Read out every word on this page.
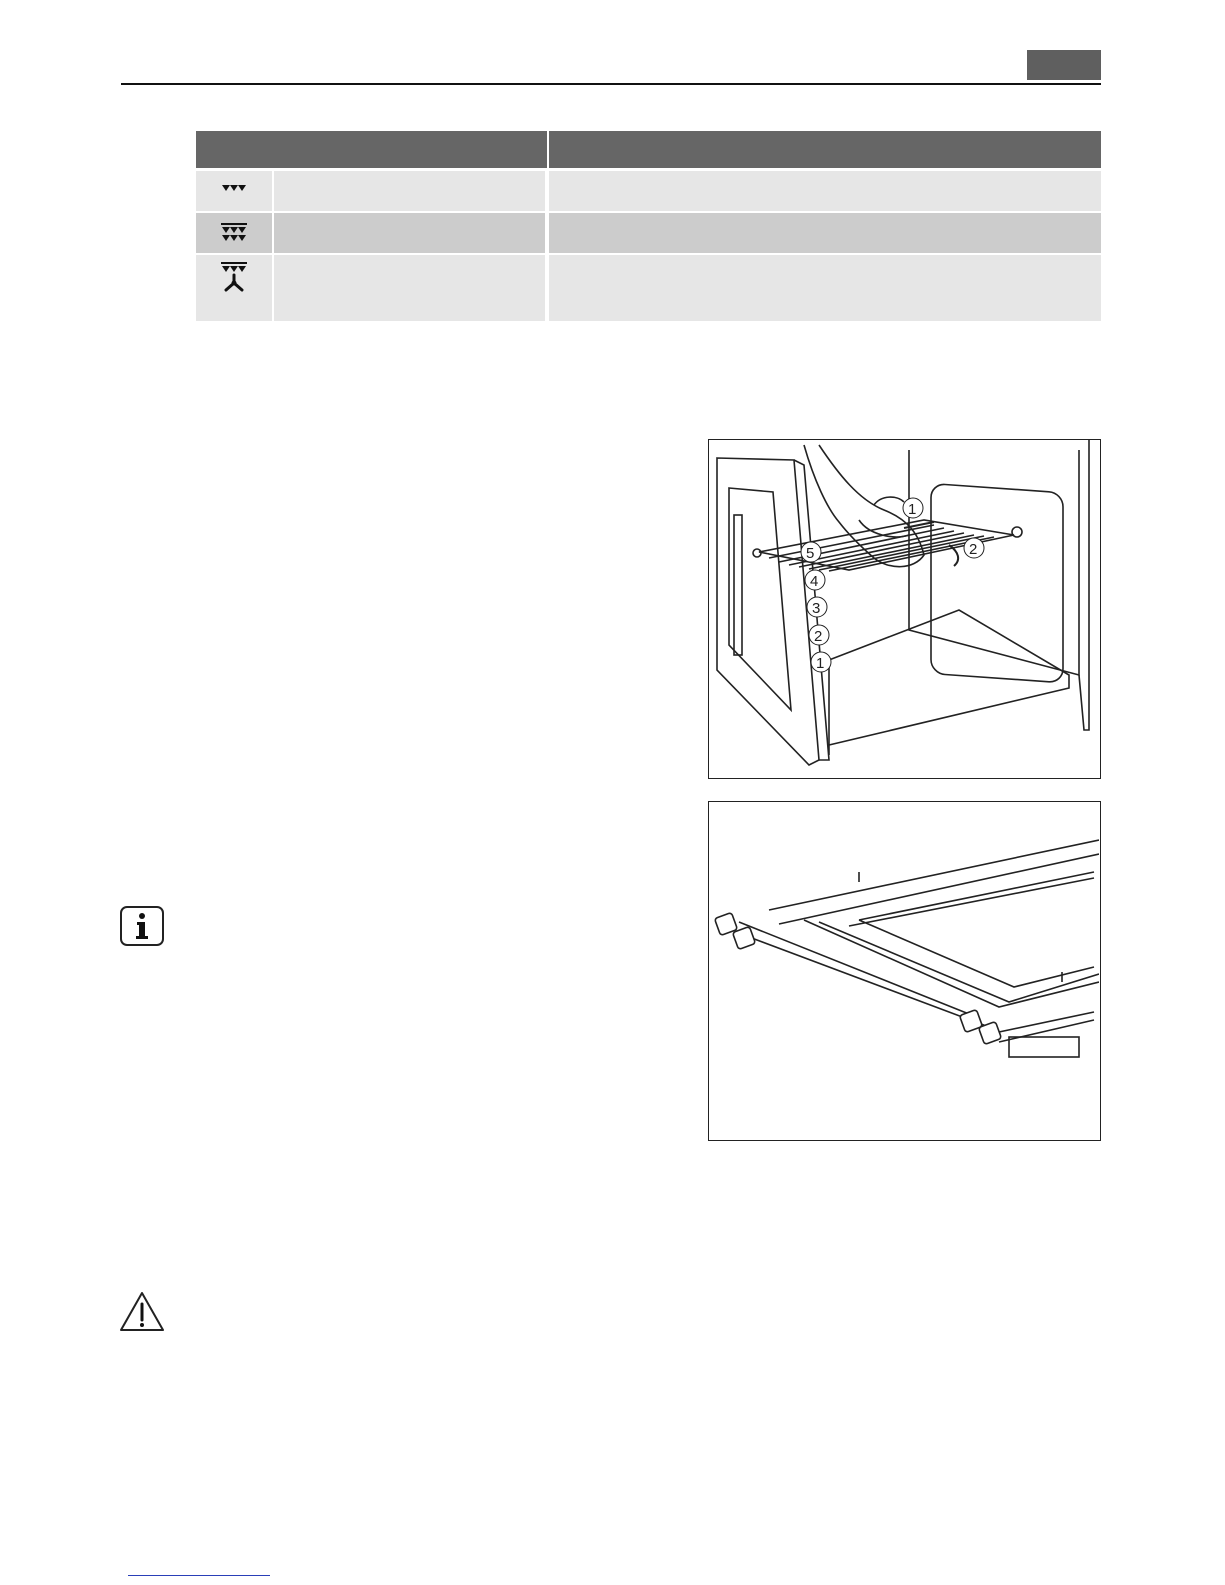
1
2
5
4
3
2
1
